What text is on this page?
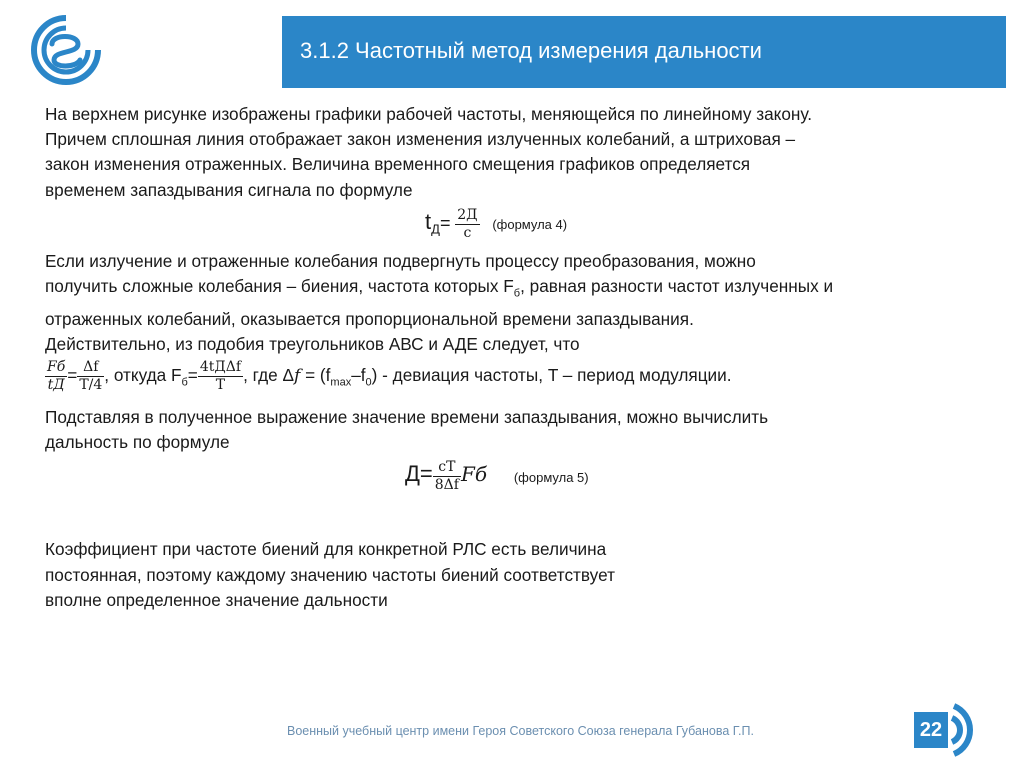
3.1.2 Частотный метод измерения дальности

На верхнем рисунке изображены графики рабочей частоты, меняющейся по линейному закону.
Причем сплошная линия отображает закон изменения излученных колебаний, а штриховая –
закон изменения отраженных. Величина временного смещения графиков определяется
временем запаздывания сигнала по формуле

$t_Д= \frac{2Д}{c}$ (формула 4)

Если излучение и отраженные колебания подвергнуть процессу преобразования, можно
получить сложные колебания – биения, частота которых $F_б$, равная разности частот излученных и
отраженных колебаний, оказывается пропорциональной времени запаздывания.
Действительно, из подобия треугольников АВС и АДЕ следует, что

$\frac{Fб}{tД} = \frac{\Delta f}{T/4}$ , откуда $F_б= \frac{\text{4tДΔf}}{T}$ , где $\Delta f = (f_{max}-f_0)$ - девиация частоты, T – период модуляции.

Подставляя в полученное выражение значение времени запаздывания, можно вычислить
дальность по формуле

$Д= \frac{cT}{8\Delta f}$ Fб (формула 5)

Коэффициент при частоте биений для конкретной РЛС есть величина
постоянная, поэтому каждому значению частоты биений соответствует
вполне определенное значение дальности

Военный учебный центр имени Героя Советского Союза генерала Губанова Г.П.	22
